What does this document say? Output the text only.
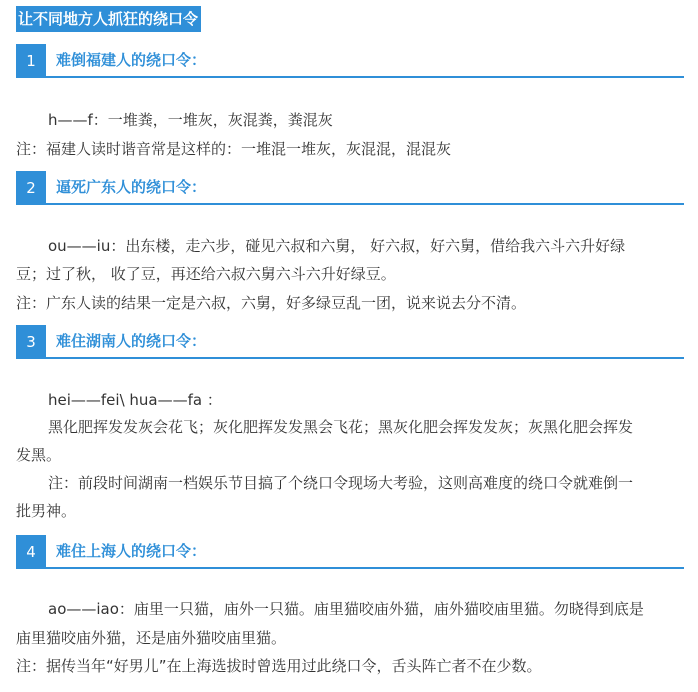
让不同地方人抓狂的绕口令
1	难倒福建人的绕口令：
h——f：一堆粪，一堆灰，灰混粪，粪混灰
注：福建人读时谐音常是这样的：一堆混一堆灰，灰混混，混混灰
2	逼死广东人的绕口令：
ou——iu：出东楼，走六步，碰见六叔和六舅， 好六叔，好六舅，借给我六斗六升好绿
豆；过了秋， 收了豆，再还给六叔六舅六斗六升好绿豆。
注：广东人读的结果一定是六叔，六舅，好多绿豆乱一团，说来说去分不清。
3	难住湖南人的绕口令：
hei——fei\ hua——fa ：
黑化肥挥发发灰会花飞；灰化肥挥发发黑会飞花；黑灰化肥会挥发发灰；灰黑化肥会挥发
发黑。
注：前段时间湖南一档娱乐节目搞了个绕口令现场大考验，这则高难度的绕口令就难倒一
批男神。
4	难住上海人的绕口令：
ao——iao：庙里一只猫，庙外一只猫。庙里猫咬庙外猫，庙外猫咬庙里猫。勿晓得到底是
庙里猫咬庙外猫，还是庙外猫咬庙里猫。
注：据传当年“好男儿”在上海选拔时曾选用过此绕口令，舌头阵亡者不在少数。
